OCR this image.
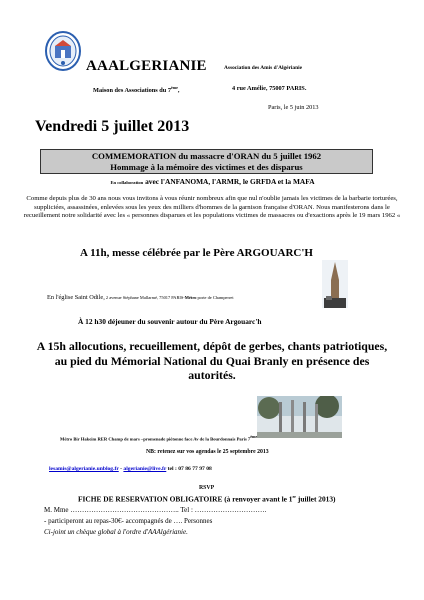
AAALGERIANIE	Association des Amis d'Algérianie
Maison des Associations du 7ème,	4 rue Amélie, 75007 PARIS.
Paris, le 5 juin 2013
Vendredi 5 juillet 2013
COMMEMORATION du massacre d'ORAN du 5 juillet 1962
Hommage à la mémoire des victimes et des disparus
En collaboration avec l'ANFANOMA, l'ARMR, le GRFDA et la MAFA
Comme depuis plus de 30 ans nous vous invitons à vous réunir nombreux afin que nul n'oublie jamais les victimes de la barbarie torturées, suppliciées, assassinées, enlevées sous les yeux des milliers d'hommes de la garnison française d'ORAN. Nous manifesterons dans le recueillement notre solidarité avec les « personnes disparues et les populations victimes de massacres ou d'exactions après le 19 mars 1962 «
A 11h, messe célébrée par le Père ARGOUARC'H
En l'église Saint Odile, 2 avenue Stéphane Mallarmé, 75017 PARIS-Métro porte de Champerret
À 12 h30 déjeuner du souvenir autour du Père Argouarc'h
A 15h allocutions, recueillement, dépôt de gerbes, chants patriotiques, au pied du Mémorial National du Quai Branly en présence des autorités.
Métro Bir Hakeim RER Champ de mars –promenade piétonne face Av de la Bourdonnais Paris 7ème
NB: retenez sur vos agendas le 25 septembre 2013
lesamis@algerianie.unblog.fr - algerianie@live.fr tel : 07 86 77 97 08
RSVP
FICHE DE RESERVATION OBLIGATOIRE (à renvoyer avant le 1er juillet 2013)
M. Mme ……………………………………….. Tel : ………………………….
- participeront au repas-30€- accompagnés de …. Personnes
Ci-joint un chèque global à l'ordre d'AAAlgérianie.
